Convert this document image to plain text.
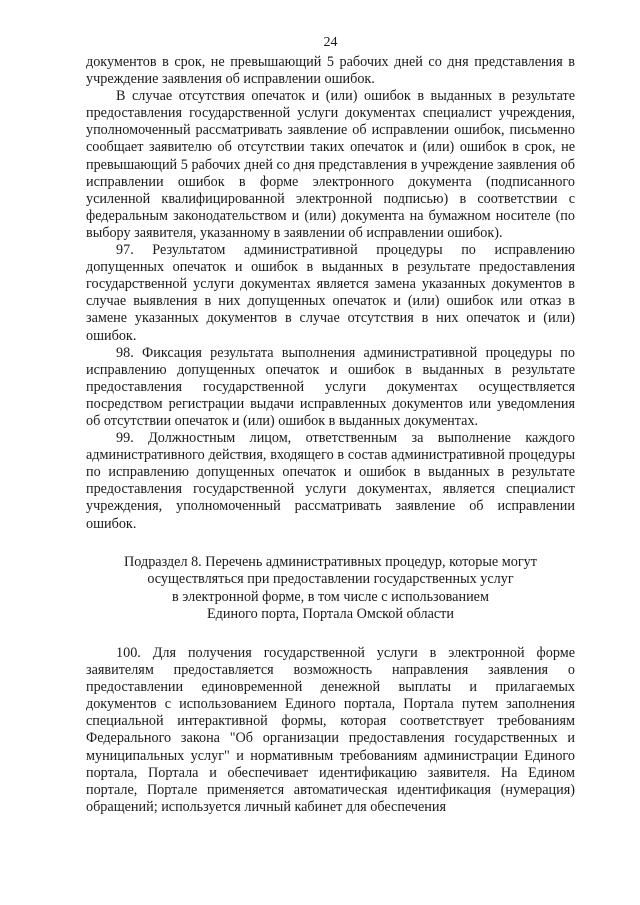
24

документов в срок, не превышающий 5 рабочих дней со дня представления в учреждение заявления об исправлении ошибок.

В случае отсутствия опечаток и (или) ошибок в выданных в результате предоставления государственной услуги документах специалист учреждения, уполномоченный рассматривать заявление об исправлении ошибок, письменно сообщает заявителю об отсутствии таких опечаток и (или) ошибок в срок, не превышающий 5 рабочих дней со дня представления в учреждение заявления об исправлении ошибок в форме электронного документа (подписанного усиленной квалифицированной электронной подписью) в соответствии с федеральным законодательством и (или) документа на бумажном носителе (по выбору заявителя, указанному в заявлении об исправлении ошибок).

97. Результатом административной процедуры по исправлению допущенных опечаток и ошибок в выданных в результате предоставления государственной услуги документах является замена указанных документов в случае выявления в них допущенных опечаток и (или) ошибок или отказ в замене указанных документов в случае отсутствия в них опечаток и (или) ошибок.

98. Фиксация результата выполнения административной процедуры по исправлению допущенных опечаток и ошибок в выданных в результате предоставления государственной услуги документах осуществляется посредством регистрации выдачи исправленных документов или уведомления об отсутствии опечаток и (или) ошибок в выданных документах.

99. Должностным лицом, ответственным за выполнение каждого административного действия, входящего в состав административной процедуры по исправлению допущенных опечаток и ошибок в выданных в результате предоставления государственной услуги документах, является специалист учреждения, уполномоченный рассматривать заявление об исправлении ошибок.

Подраздел 8. Перечень административных процедур, которые могут
осуществляться при предоставлении государственных услуг
в электронной форме, в том числе с использованием
Единого порта, Портала Омской области

100. Для получения государственной услуги в электронной форме заявителям предоставляется возможность направления заявления о предоставлении единовременной денежной выплаты и прилагаемых документов с использованием Единого портала, Портала путем заполнения специальной интерактивной формы, которая соответствует требованиям Федерального закона "Об организации предоставления государственных и муниципальных услуг" и нормативным требованиям администрации Единого портала, Портала и обеспечивает идентификацию заявителя. На Едином портале, Портале применяется автоматическая идентификация (нумерация) обращений; используется личный кабинет для обеспечения
